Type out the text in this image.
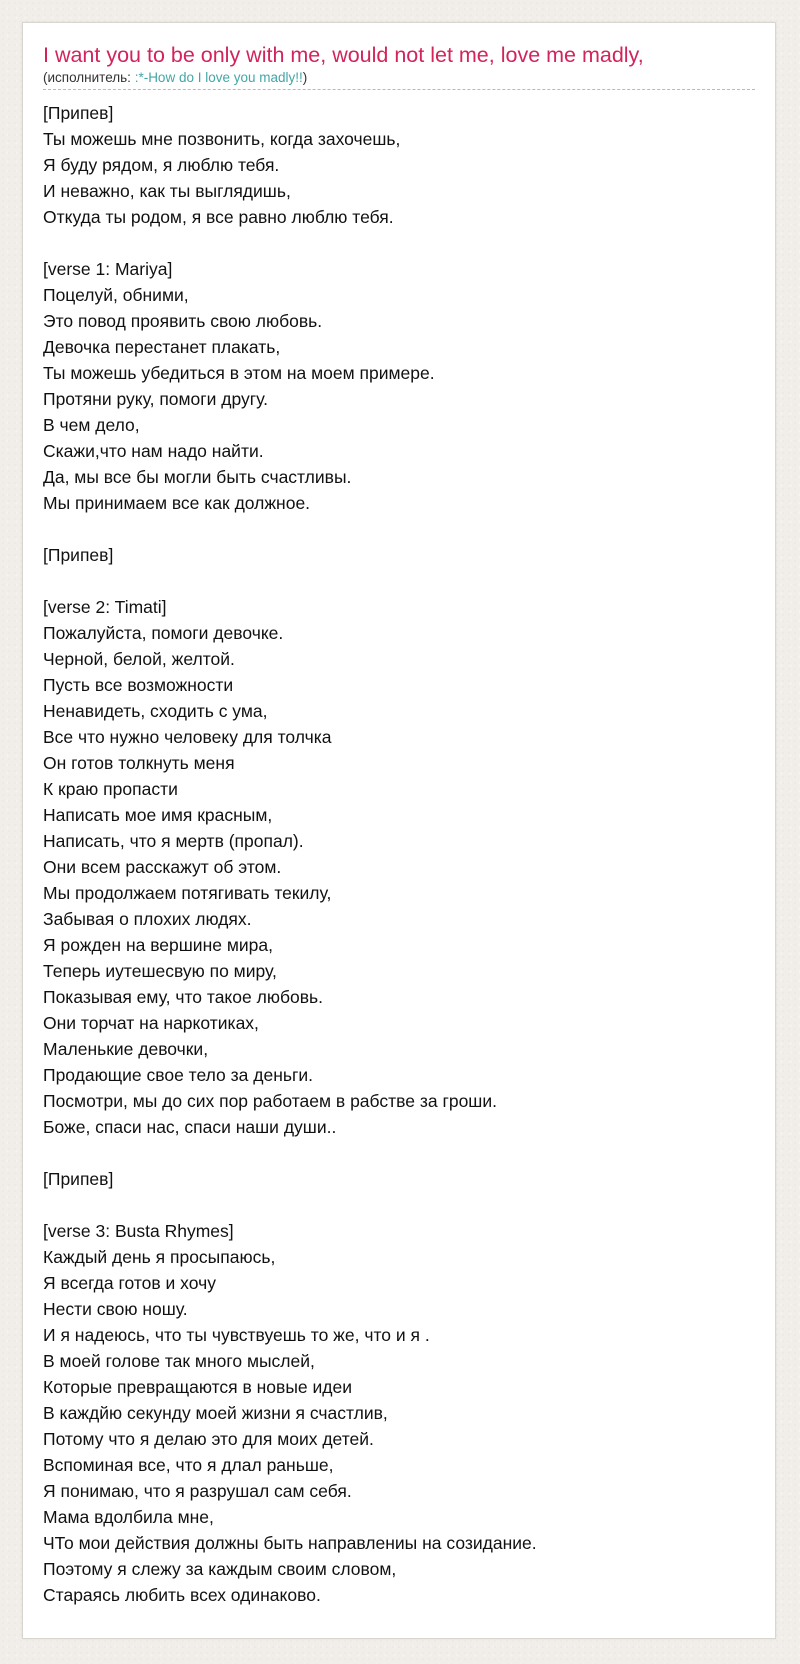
I want you to be only with me, would not let me, love me madly,
(исполнитель: :*-How do I love you madly!!)
[Припев]
Ты можешь мне позвонить, когда захочешь,
Я буду рядом, я люблю тебя.
И неважно, как ты выглядишь,
Откуда ты родом, я все равно люблю тебя.
[verse 1: Mariya]
Поцелуй, обними,
Это повод проявить свою любовь.
Девочка перестанет плакать,
Ты можешь убедиться в этом на моем примере.
Протяни руку, помоги другу.
В чем дело,
Скажи,что нам надо найти.
Да, мы все бы могли быть счастливы.
Мы принимаем все как должное.
[Припев]
[verse 2: Timati]
Пожалуйста, помоги девочке.
Черной, белой, желтой.
Пусть все возможности
Ненавидеть, сходить с ума,
Все что нужно человеку для толчка
Он готов толкнуть меня
К краю пропасти
Написать мое имя красным,
Написать, что я мертв (пропал).
Они всем расскажут об этом.
Мы продолжаем потягивать текилу,
Забывая о плохих людях.
Я рожден на вершине мира,
Теперь иутешесвую по миру,
Показывая ему, что такое любовь.
Они торчат на наркотиках,
Маленькие девочки,
Продающие свое тело за деньги.
Посмотри, мы до сих пор работаем в рабстве за гроши.
Боже, спаси нас, спаси наши души..
[Припев]
[verse 3: Busta Rhymes]
Каждый день я просыпаюсь,
Я всегда готов и хочу
Нести свою ношу.
И я надеюсь, что ты чувствуешь то же, что и я .
В моей голове так много мыслей,
Которые превращаются в новые идеи
В каждйю секунду моей жизни я счастлив,
Потому что я делаю это для моих детей.
Вспоминая все, что я длал раньше,
Я понимаю, что я разрушал сам себя.
Мама вдолбила мне,
ЧТо мои действия должны быть направлениы на созидание.
Поэтому я слежу за каждым своим словом,
Стараясь любить всех одинаково.
